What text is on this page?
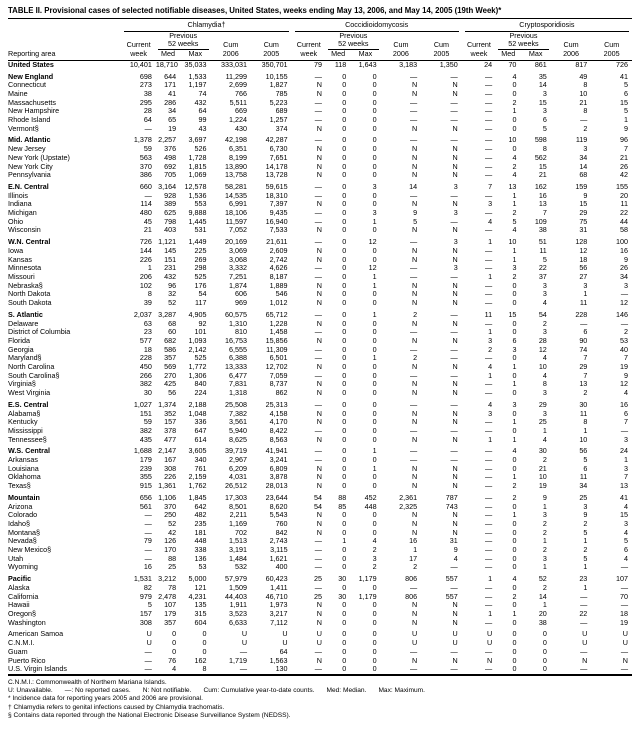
TABLE II. Provisional cases of selected notifiable diseases, United States, weeks ending May 13, 2006, and May 14, 2005 (19th Week)*

	Chlamydia†					Coccidioidomycosis					Cryptosporidiosis				

		Previous					Previous					Previous			
	Current	52 weeks		Cum	Cum	Current	52 weeks		Cum	Cum	Current	52 weeks		Cum	Cum
Reporting area	week	Med	Max	2006	2005	week	Med	Max	2006	2005	week	Med	Max	2006	2005
United States	10,401	18,710	35,033	333,031	350,701	79	118	1,643	3,183	1,350	24	70	861	817	726

New England	698	644	1,533	11,299	10,155	—	0	0	—	—	—	4	35	49	41
Connecticut	273	171	1,197	2,699	1,827	N	0	0	N	N	—	0	14	8	5
Maine	38	41	74	766	785	N	0	0	N	N	—	0	3	10	6
Massachusetts	295	286	432	5,511	5,223	—	0	0	—	—	—	2	15	21	15
New Hampshire	28	34	64	669	689	—	0	0	—	—	—	1	3	8	5
Rhode Island	64	65	99	1,224	1,257	—	0	0	—	—	—	0	6	—	1
Vermont§	—	19	43	430	374	N	0	0	N	N	—	0	5	2	9

Mid. Atlantic	1,378	2,257	3,697	42,198	42,287	—	0	0	—	—	—	10	598	119	96
New Jersey	59	376	526	6,351	6,730	N	0	0	N	N	—	0	8	3	7
New York (Upstate)	563	498	1,728	8,199	7,651	N	0	0	N	N	—	4	562	34	21
New York City	370	692	1,815	13,890	14,178	N	0	0	N	N	—	2	15	14	26
Pennsylvania	386	705	1,069	13,758	13,728	N	0	0	N	N	—	4	21	68	42

E.N. Central	660	3,164	12,578	58,281	59,615	—	0	3	14	3	7	13	162	159	155
Illinois	—	928	1,536	14,535	18,310	—	0	0	—	—	—	1	16	9	20
Indiana	114	389	553	6,991	7,397	N	0	0	N	N	3	1	13	15	11
Michigan	480	625	9,888	18,106	9,435	—	0	3	9	3	—	2	7	29	22
Ohio	45	798	1,445	11,597	16,940	—	0	1	5	—	4	5	109	75	44
Wisconsin	21	403	531	7,052	7,533	N	0	0	N	N	—	4	38	31	58

W.N. Central	726	1,121	1,449	20,169	21,611	—	0	12	—	3	1	10	51	128	100
Iowa	144	145	225	3,069	2,609	N	0	0	N	N	—	1	11	12	16
Kansas	226	151	269	3,068	2,742	N	0	0	N	N	—	1	5	18	9
Minnesota	1	231	298	3,332	4,626	—	0	12	—	3	—	3	22	56	26
Missouri	206	432	525	7,251	8,187	—	0	1	—	—	1	2	37	27	34
Nebraska§	102	96	176	1,874	1,889	N	0	1	N	N	—	0	3	3	3
North Dakota	8	32	54	606	546	N	0	0	N	N	—	0	3	1	—
South Dakota	39	52	117	969	1,012	N	0	0	N	N	—	0	4	11	12

S. Atlantic	2,037	3,287	4,905	60,575	65,712	—	0	1	2	—	11	15	54	228	146
Delaware	63	68	92	1,310	1,228	N	0	0	N	N	—	0	2	—	—
District of Columbia	23	60	101	810	1,458	—	0	0	—	—	1	0	3	6	2
Florida	577	682	1,093	16,753	15,856	N	0	0	N	N	3	6	28	90	53
Georgia	18	586	2,142	6,555	11,309	—	0	0	—	—	2	3	12	74	40
Maryland§	228	357	525	6,388	6,501	—	0	1	2	—	—	0	4	7	7
North Carolina	450	569	1,772	13,333	12,702	N	0	0	N	N	4	1	10	29	19
South Carolina§	266	270	1,306	6,477	7,059	—	0	0	—	—	1	0	4	7	9
Virginia§	382	425	840	7,831	8,737	N	0	0	N	N	—	1	8	13	12
West Virginia	30	56	224	1,318	862	N	0	0	N	N	—	0	3	2	4

E.S. Central	1,027	1,374	2,188	25,508	25,313	—	0	0	—	—	4	3	29	30	16
Alabama§	151	352	1,048	7,382	4,158	N	0	0	N	N	3	0	3	11	6
Kentucky	59	157	336	3,561	4,170	N	0	0	N	N	—	1	25	8	7
Mississippi	382	378	647	5,940	8,422	—	0	0	—	—	—	0	1	1	—
Tennessee§	435	477	614	8,625	8,563	N	0	0	N	N	1	1	4	10	3

W.S. Central	1,688	2,147	3,605	39,719	41,941	—	0	1	—	—	—	4	30	56	24
Arkansas	179	167	340	2,967	3,241	—	0	0	—	—	—	0	2	5	1
Louisiana	239	308	761	6,209	6,809	N	0	1	N	N	—	0	21	6	3
Oklahoma	355	226	2,159	4,031	3,878	N	0	0	N	N	—	1	10	11	7
Texas§	915	1,361	1,762	26,512	28,013	N	0	0	N	N	—	2	19	34	13

Mountain	656	1,106	1,845	17,303	23,644	54	88	452	2,361	787	—	2	9	25	41
Arizona	561	370	642	8,501	8,620	54	85	448	2,325	743	—	0	1	3	4
Colorado	—	250	482	2,211	5,543	N	0	0	N	N	—	1	3	9	15
Idaho§	—	52	235	1,169	760	N	0	0	N	N	—	0	2	2	3
Montana§	—	42	181	702	842	N	0	0	N	N	—	0	2	5	4
Nevada§	79	126	448	1,513	2,743	—	1	4	16	31	—	0	1	1	5
New Mexico§	—	170	338	3,191	3,115	—	0	2	1	9	—	0	2	2	6
Utah	—	88	136	1,484	1,621	—	0	3	17	4	—	0	3	5	4
Wyoming	16	25	53	532	400	—	0	2	2	—	—	0	1	1	—

Pacific	1,531	3,212	5,000	57,979	60,423	25	30	1,179	806	557	1	4	52	23	107
Alaska	82	78	121	1,509	1,411	—	0	0	—	—	—	0	2	1	—
California	979	2,478	4,231	44,403	46,710	25	30	1,179	806	557	—	2	14	—	70
Hawaii	5	107	135	1,911	1,973	N	0	0	N	N	—	0	1	—	—
Oregon§	157	179	315	3,523	3,217	N	0	0	N	N	1	1	20	22	18
Washington	308	357	604	6,633	7,112	N	0	0	N	N	—	0	38	—	19

American Samoa	U	0	0	U	U	U	0	0	U	U	U	0	0	U	U
C.N.M.I.	U	0	0	U	U	U	0	0	U	U	U	0	0	U	U
Guam	—	0	0	—	64	—	0	0	—	—	—	0	0	—	—
Puerto Rico	—	76	162	1,719	1,563	N	0	0	N	N	N	0	0	N	N
U.S. Virgin Islands	—	4	8	—	130	—	0	0	—	—	—	0	0	—	—
C.N.M.I.: Commonwealth of Northern Mariana Islands.
U: Unavailable. —: No reported cases. N: Not notifiable. Cum: Cumulative year-to-date counts. Med: Median. Max: Maximum.
* Incidence data for reporting years 2005 and 2006 are provisional.
† Chlamydia refers to genital infections caused by Chlamydia trachomatis.
§ Contains data reported through the National Electronic Disease Surveillance System (NEDSS).
